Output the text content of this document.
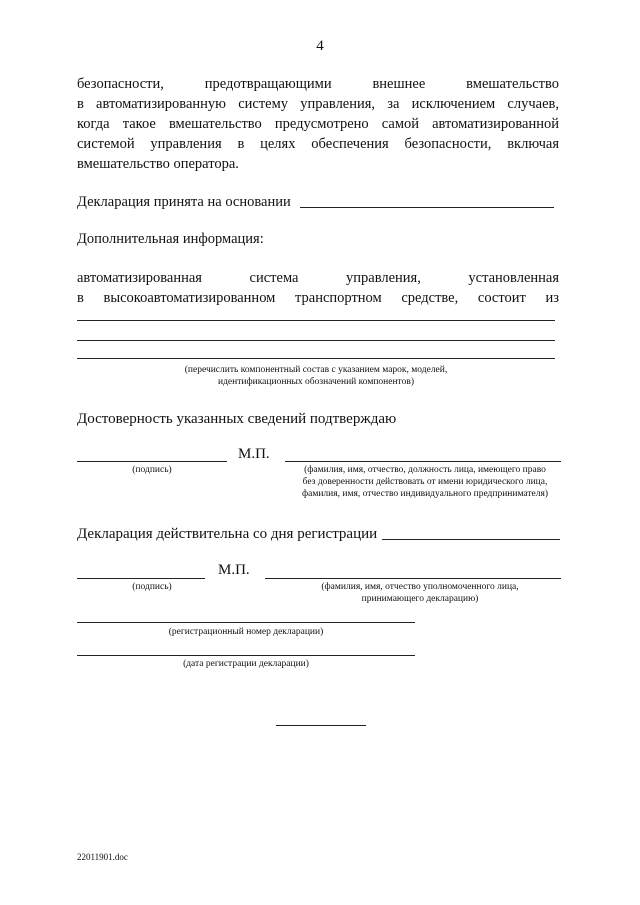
4
безопасности, предотвращающими внешнее вмешательство
в автоматизированную систему управления, за исключением случаев,
когда такое вмешательство предусмотрено самой автоматизированной
системой управления в целях обеспечения безопасности, включая
вмешательство оператора.
Декларация принята на основании
Дополнительная информация:
автоматизированная система управления, установленная
в высокоавтоматизированном транспортном средстве, состоит из
(перечислить компонентный состав с указанием марок, моделей,
идентификационных обозначений компонентов)
Достоверность указанных сведений подтверждаю
М.П.
(подпись)	(фамилия, имя, отчество, должность лица, имеющего право
без доверенности действовать от имени юридического лица,
фамилия, имя, отчество индивидуального предпринимателя)
Декларация действительна со дня регистрации
М.П.
(подпись)	(фамилия, имя, отчество уполномоченного лица,
принимающего декларацию)
(регистрационный номер декларации)
(дата регистрации декларации)
22011901.doc
